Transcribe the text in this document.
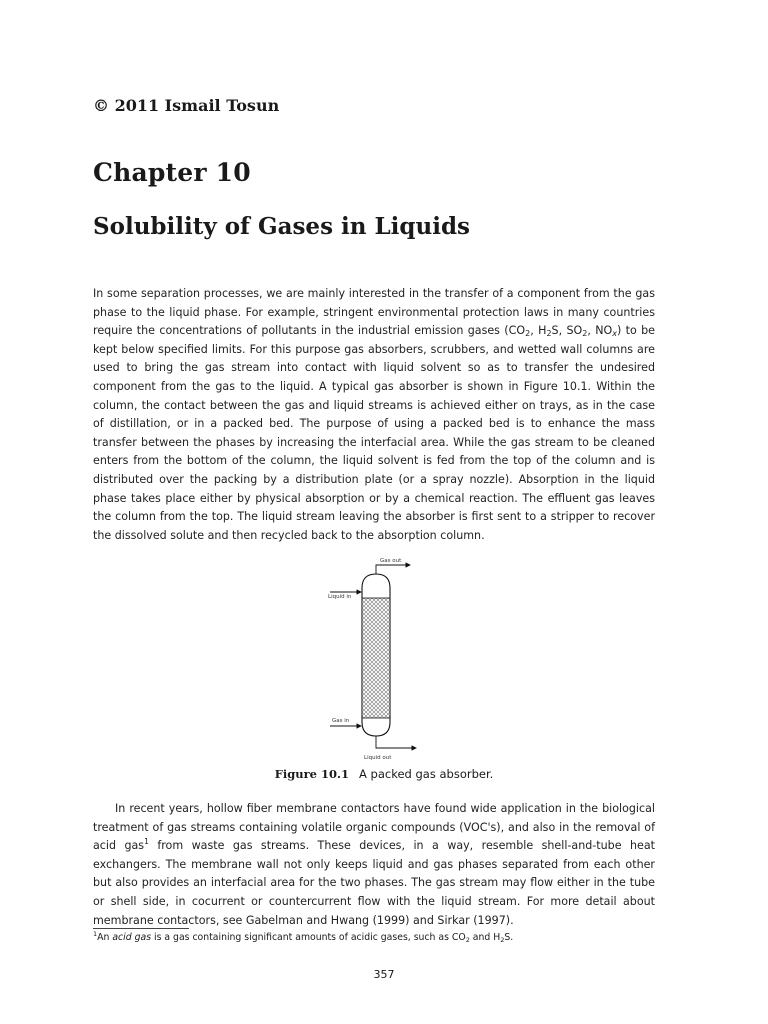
© 2011 Ismail Tosun
Chapter 10
Solubility of Gases in Liquids

In some separation processes, we are mainly interested in the transfer of a component from the gas phase to the liquid phase. For example, stringent environmental protection laws in many countries require the concentrations of pollutants in the industrial emission gases ($CO_2$, $H_2S$, $SO_2$, $NO_x$) to be kept below specified limits. For this purpose gas absorbers, scrubbers, and wetted wall columns are used to bring the gas stream into contact with liquid solvent so as to transfer the undesired component from the gas to the liquid. A typical gas absorber is shown in Figure 10.1. Within the column, the contact between the gas and liquid streams is achieved either on trays, as in the case of distillation, or in a packed bed. The purpose of using a packed bed is to enhance the mass transfer between the phases by increasing the interfacial area. While the gas stream to be cleaned enters from the bottom of the column, the liquid solvent is fed from the top of the column and is distributed over the packing by a distribution plate (or a spray nozzle). Absorption in the liquid phase takes place either by physical absorption or by a chemical reaction. The effluent gas leaves the column from the top. The liquid stream leaving the absorber is first sent to a stripper to recover the dissolved solute and then recycled back to the absorption column.

Gas out
Liquid in
Gas in
Liquid out
Figure 10.1 A packed gas absorber.

In recent years, hollow fiber membrane contactors have found wide application in the biological treatment of gas streams containing volatile organic compounds (VOC's), and also in the removal of acid gas$^1$ from waste gas streams. These devices, in a way, resemble shell-and-tube heat exchangers. The membrane wall not only keeps liquid and gas phases separated from each other but also provides an interfacial area for the two phases. The gas stream may flow either in the tube or shell side, in cocurrent or countercurrent flow with the liquid stream. For more detail about membrane contactors, see Gabelman and Hwang (1999) and Sirkar (1997).

$^1$An acid gas is a gas containing significant amounts of acidic gases, such as $CO_2$ and $H_2S$.
357
